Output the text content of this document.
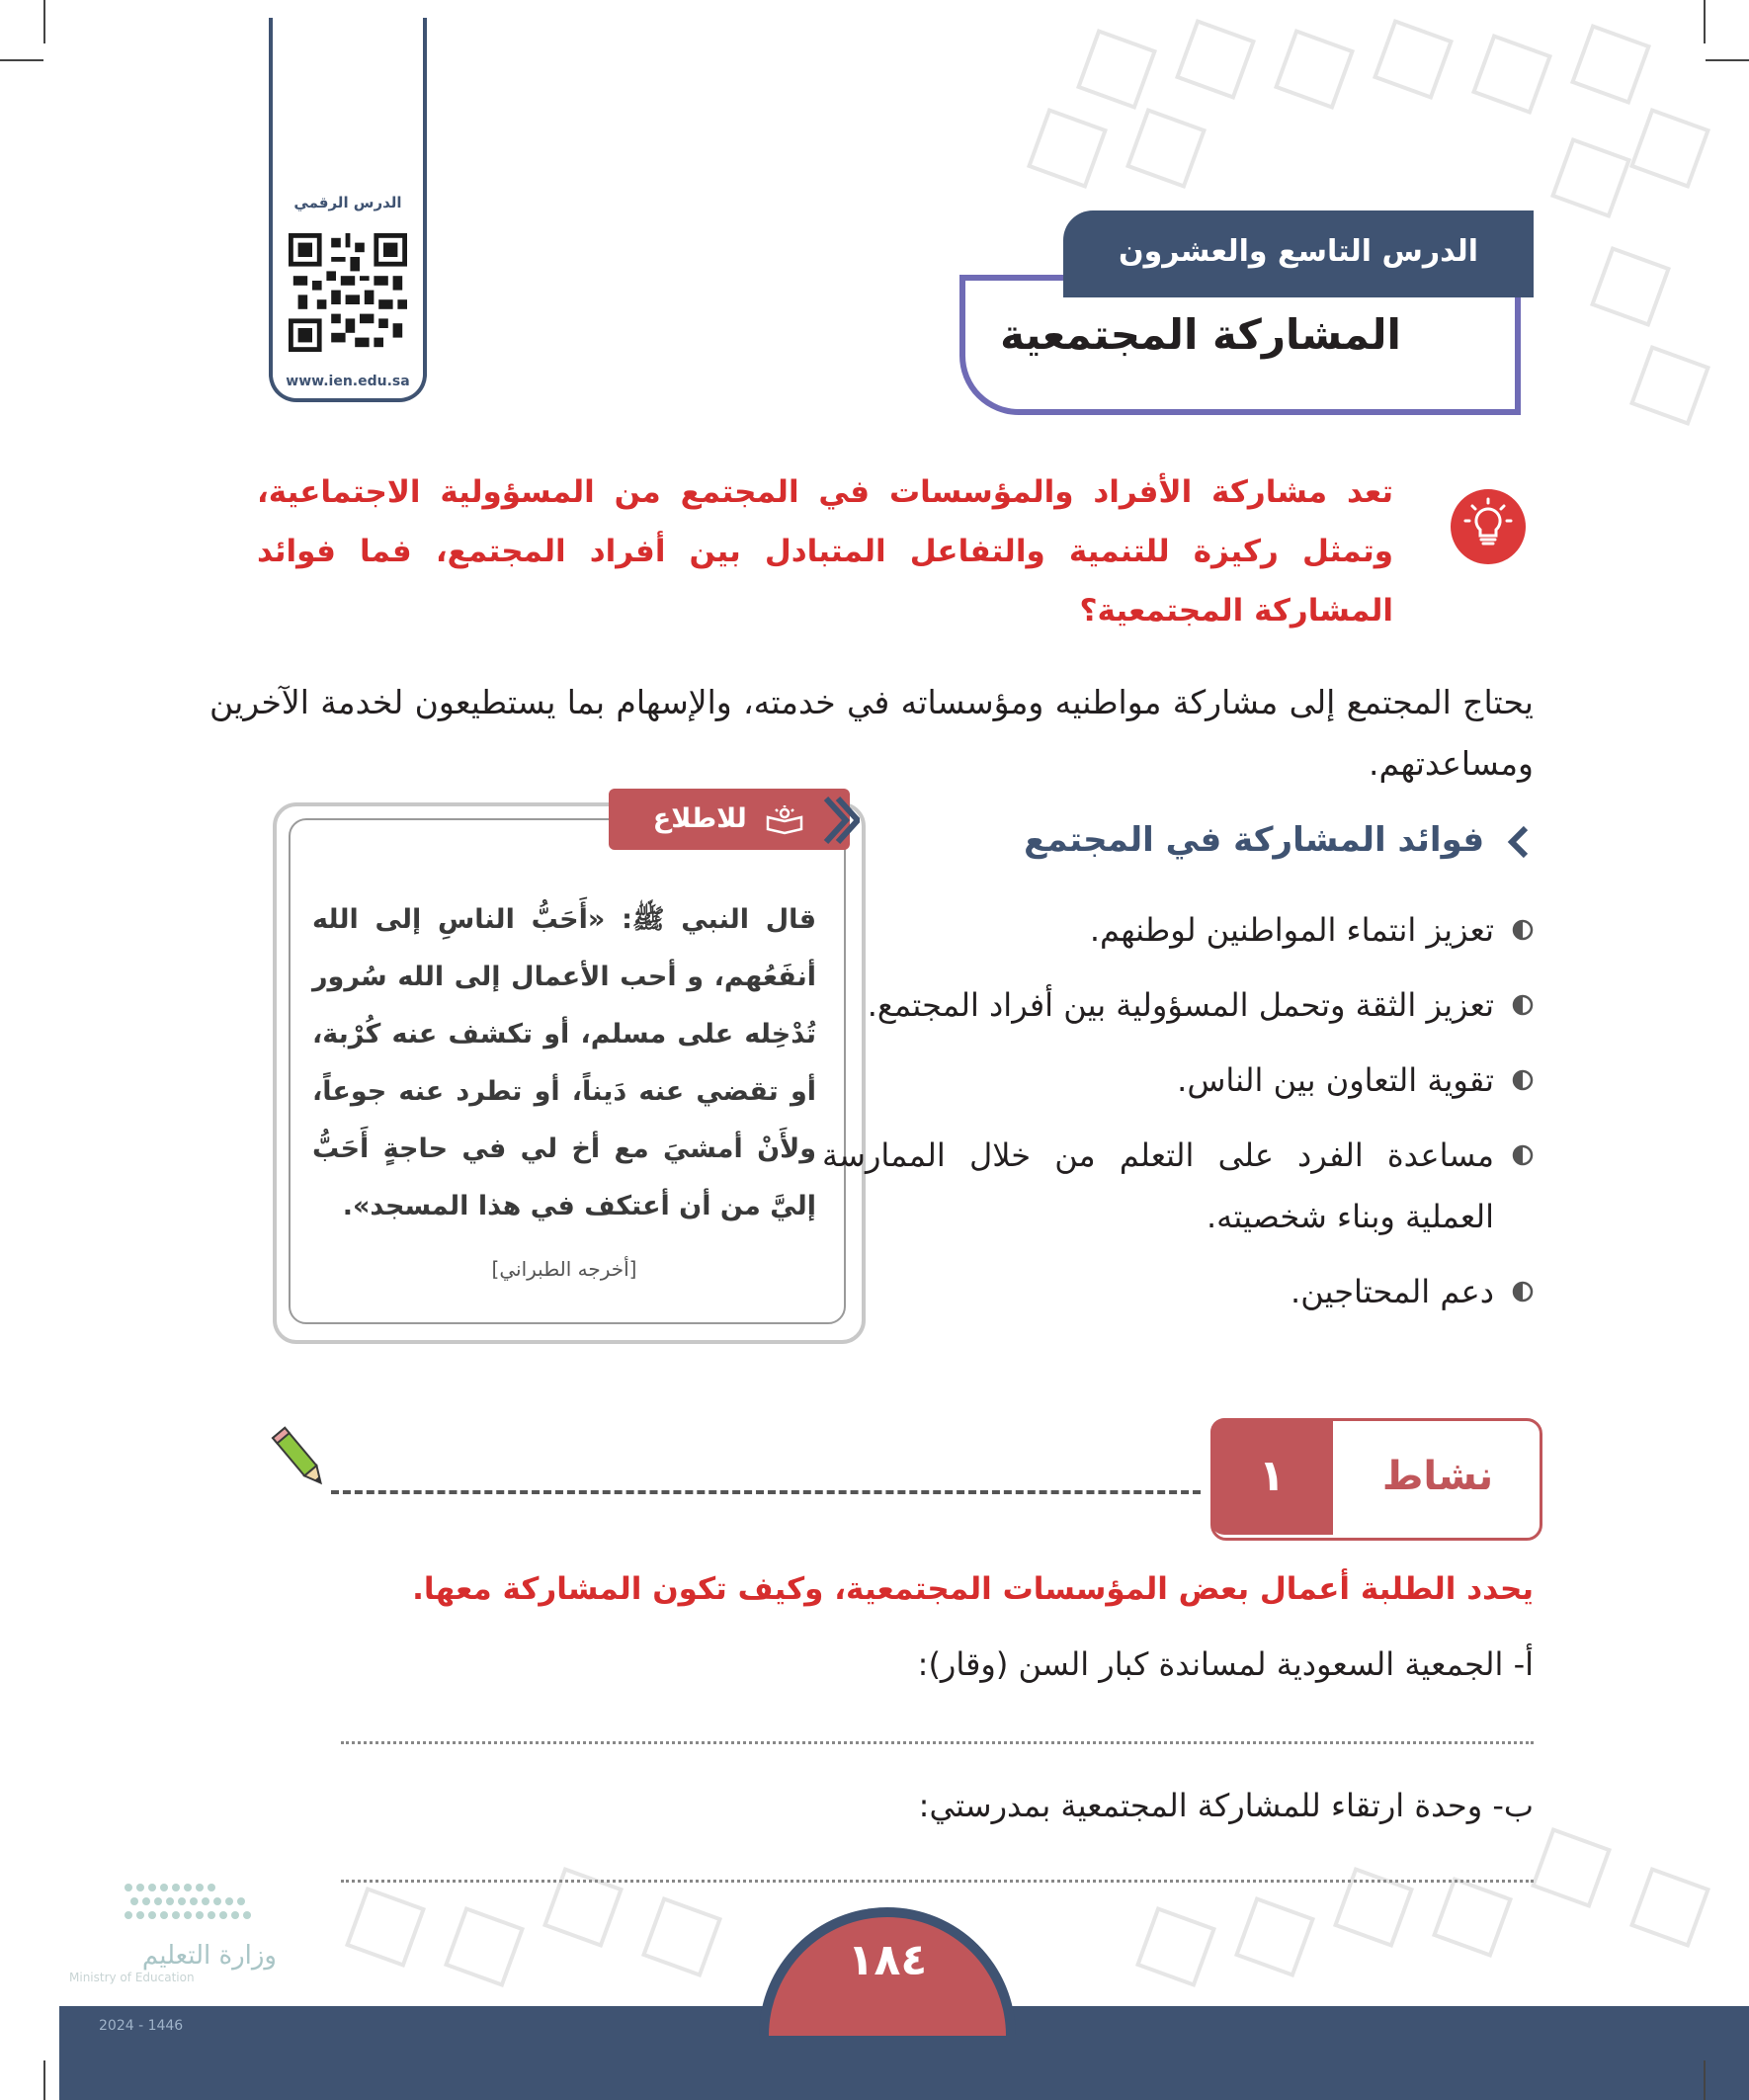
الدرس الرقمي
www.ien.edu.sa
المشاركة المجتمعية
الدرس التاسع والعشرون
تعد مشاركة الأفراد والمؤسسات في المجتمع من المسؤولية الاجتماعية، وتمثل ركيزة للتنمية والتفاعل المتبادل بين أفراد المجتمع، فما فوائد المشاركة المجتمعية؟
يحتاج المجتمع إلى مشاركة مواطنيه ومؤسساته في خدمته، والإسهام بما يستطيعون لخدمة الآخرين ومساعدتهم.
للاطلاع
قال النبي ﷺ: «أَحَبُّ الناسِ إلى الله أنفَعُهم، و أحب الأعمال إلى الله سُرور تُدْخِله على مسلم، أو تكشف عنه كُرْبة، أو تقضي عنه دَيناً، أو تطرد عنه جوعاً، ولأَنْ أمشيَ مع أخ لي في حاجةٍ أَحَبُّ إليَّ من أن أعتكف في هذا المسجد».
[أخرجه الطبراني]
فوائد المشاركة في المجتمع
تعزيز انتماء المواطنين لوطنهم.
تعزيز الثقة وتحمل المسؤولية بين أفراد المجتمع.
تقوية التعاون بين الناس.
مساعدة الفرد على التعلم من خلال الممارسة العملية وبناء شخصيته.
دعم المحتاجين.
١	نشاط
يحدد الطلبة أعمال بعض المؤسسات المجتمعية، وكيف تكون المشاركة معها.
أ- الجمعية السعودية لمساندة كبار السن (وقار):
ب- وحدة ارتقاء للمشاركة المجتمعية بمدرستي:
وزارة التعليم
Ministry of Education
2024 - 1446
١٨٤
